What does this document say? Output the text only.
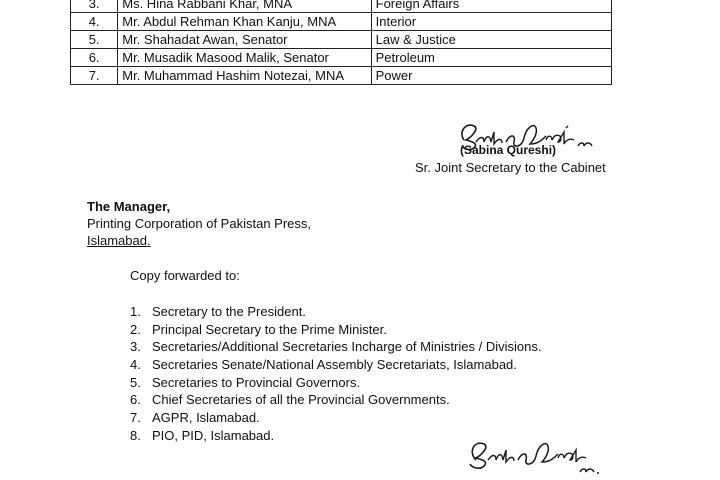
3.	Ms. Hina Rabbani Khar, MNA	Foreign Affairs
4.	Mr. Abdul Rehman Khan Kanju, MNA	Interior
5.	Mr. Shahadat Awan, Senator	Law & Justice
6.	Mr. Musadik Masood Malik, Senator	Petroleum
7.	Mr. Muhammad Hashim Notezai, MNA	Power
(Sabina Qureshi)
Sr. Joint Secretary to the Cabinet
The Manager,
Printing Corporation of Pakistan Press,
Islamabad.
Copy forwarded to:
1. Secretary to the President.
2. Principal Secretary to the Prime Minister.
3. Secretaries/Additional Secretaries Incharge of Ministries / Divisions.
4. Secretaries Senate/National Assembly Secretariats, Islamabad.
5. Secretaries to Provincial Governors.
6. Chief Secretaries of all the Provincial Governments.
7. AGPR, Islamabad.
8. PIO, PID, Islamabad.
